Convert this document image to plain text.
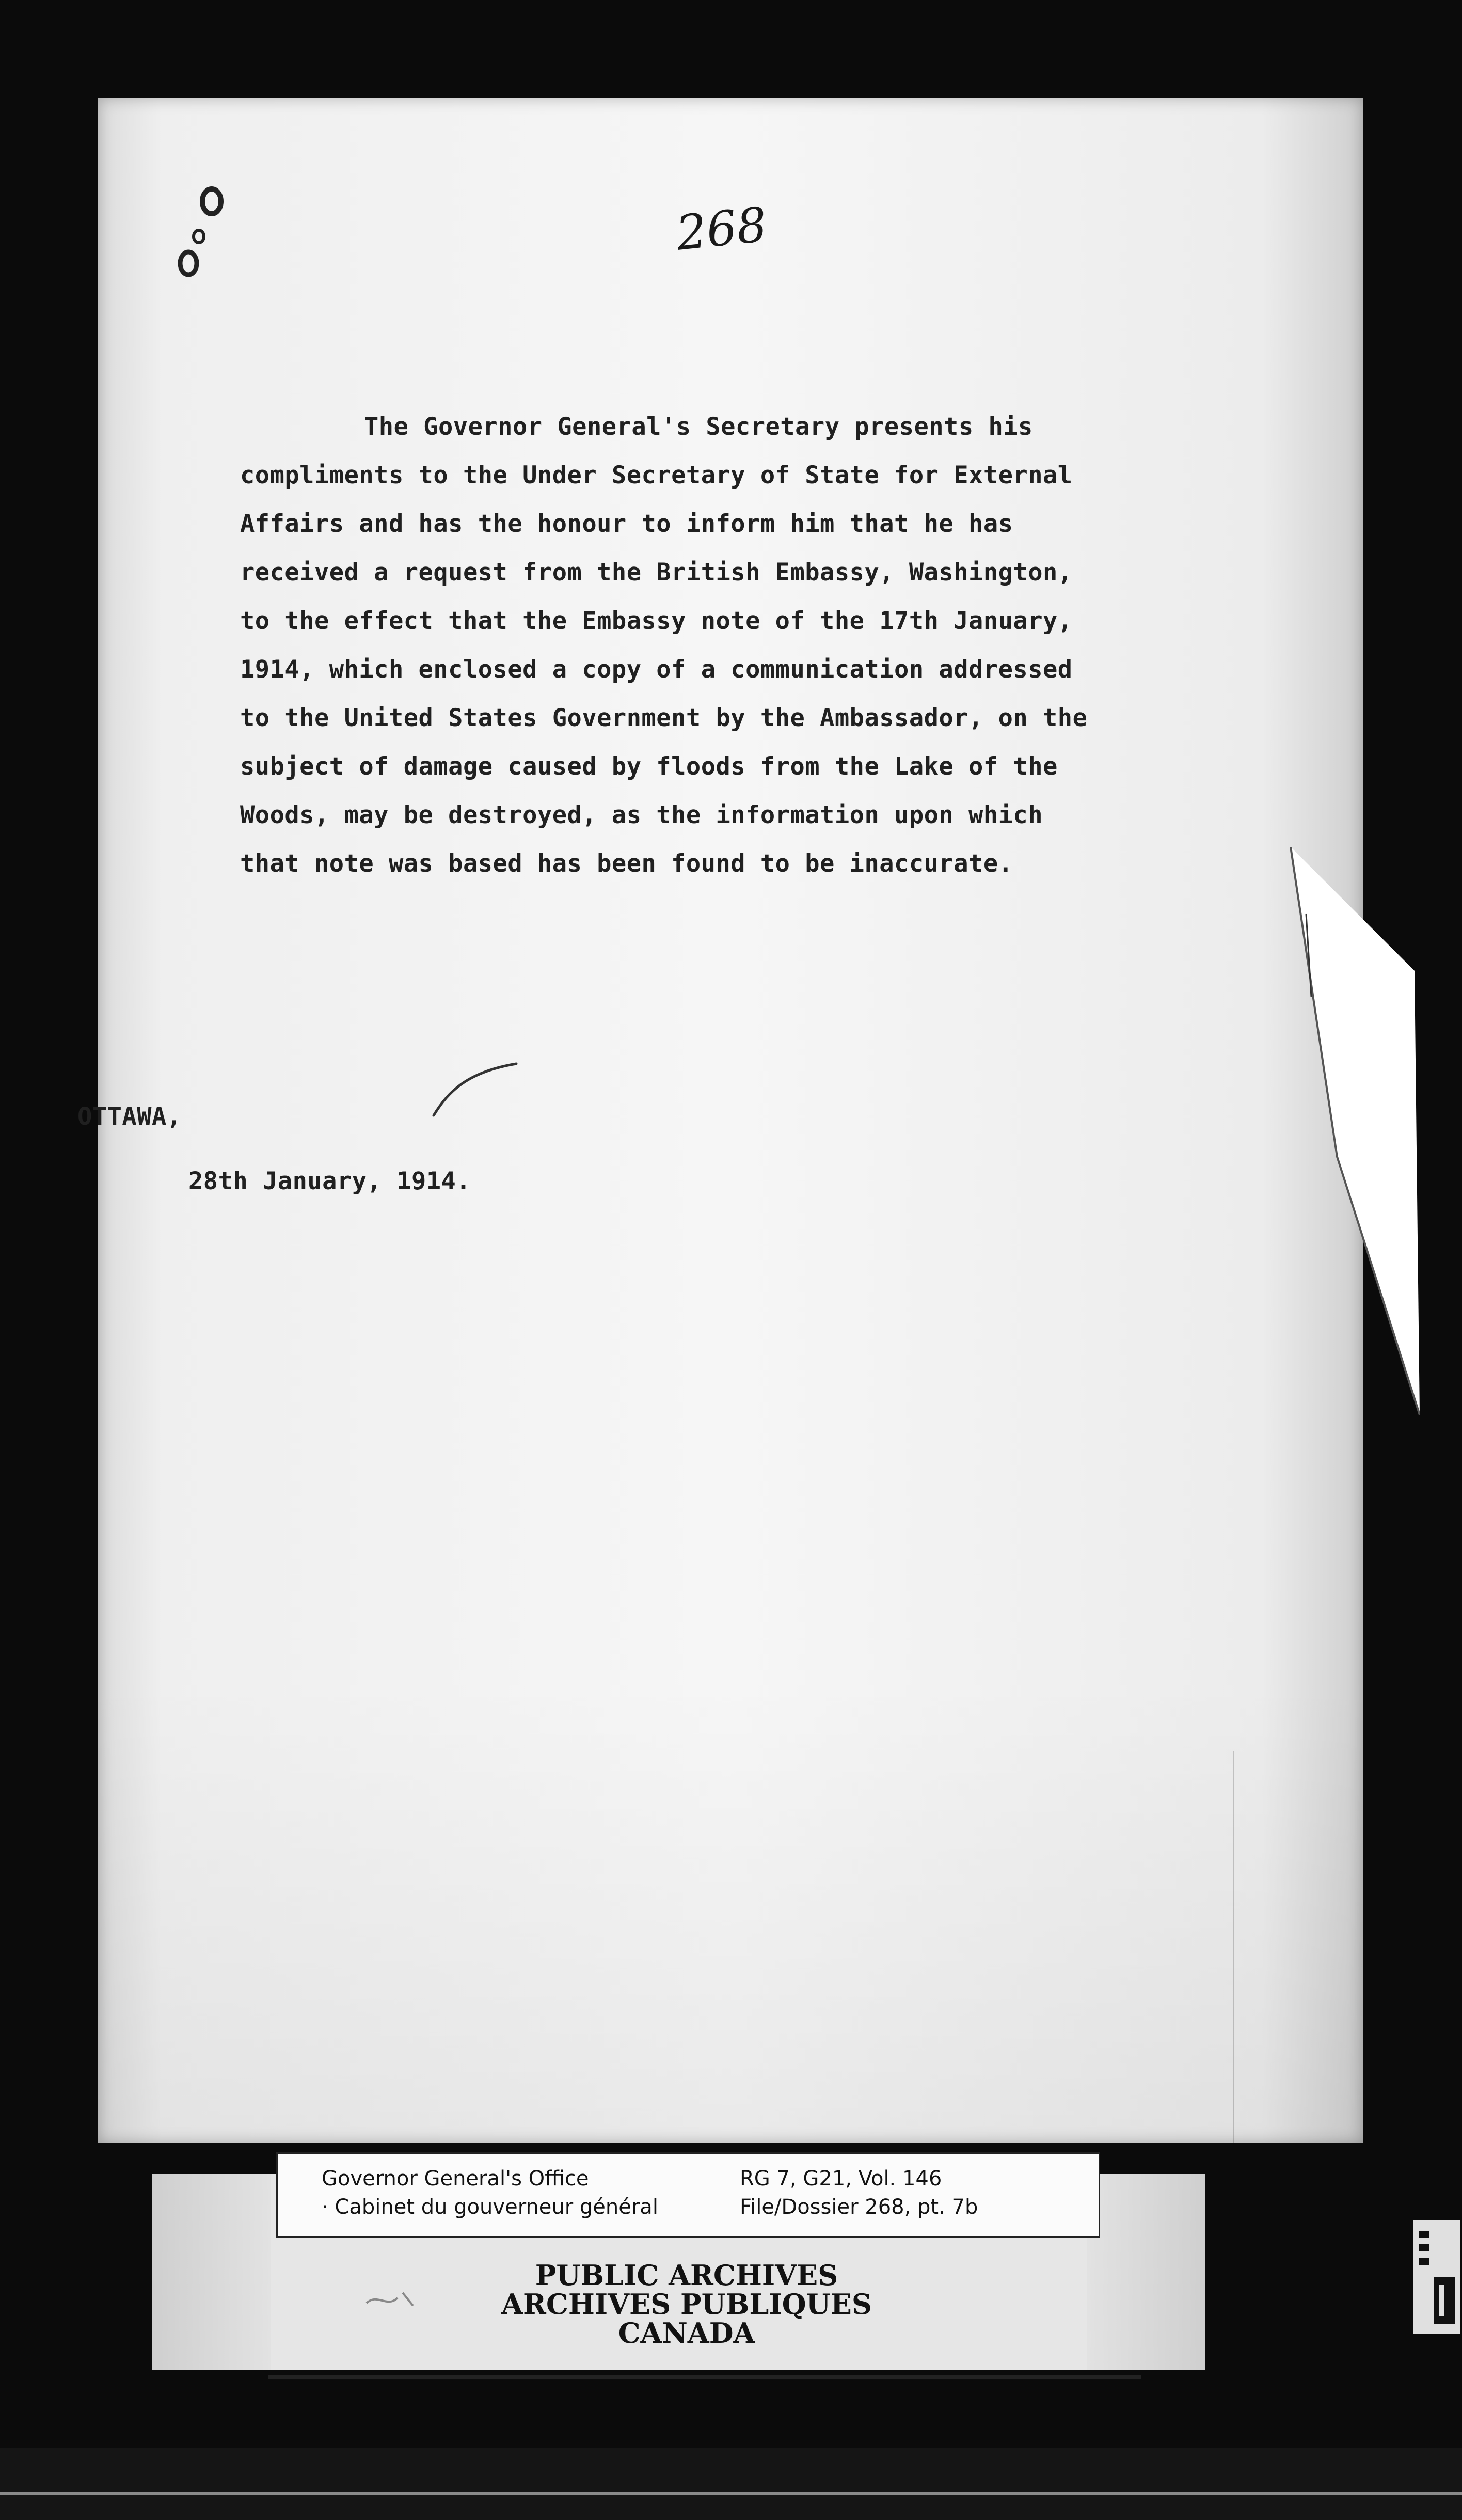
268
The Governor General's Secretary presents his
compliments to the Under Secretary of State for External
Affairs and has the honour to inform him that he has
received a request from the British Embassy, Washington,
to the effect that the Embassy note of the 17th January,
1914, which enclosed a copy of a communication addressed
to the United States Government by the Ambassador, on the
subject of damage caused by floods from the Lake of the
Woods, may be destroyed, as the information upon which
that note was based has been found to be inaccurate.
OTTAWA,
28th January, 1914.
Governor General's Office
· Cabinet du gouverneur général
RG 7, G21, Vol. 146
File/Dossier 268, pt. 7b
PUBLIC ARCHIVES
ARCHIVES PUBLIQUES
CANADA
